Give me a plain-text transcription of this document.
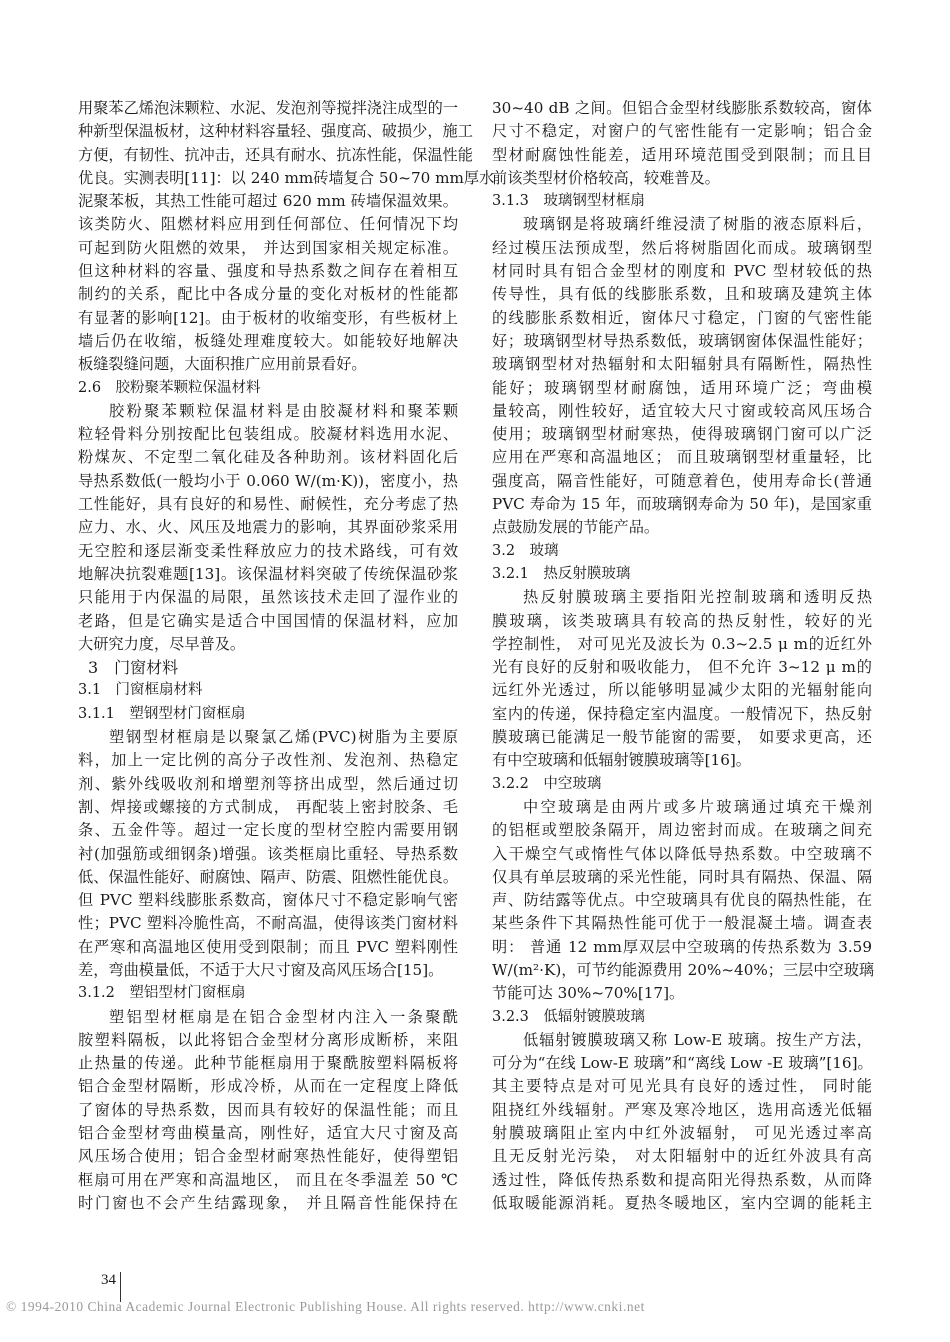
用聚苯乙烯泡沫颗粒、水泥、发泡剂等搅拌浇注成型的一
种新型保温板材，这种材料容量轻、强度高、破损少，施工
方便，有韧性、抗冲击，还具有耐水、抗冻性能，保温性能
优良。实测表明[11]：以 240 mm砖墙复合 50~70 mm厚水
泥聚苯板，其热工性能可超过 620 mm 砖墙保温效果。
该类防火、阻燃材料应用到任何部位、任何情况下均
可起到防火阻燃的效果， 并达到国家相关规定标准。
但这种材料的容量、强度和导热系数之间存在着相互
制约的关系，配比中各成分量的变化对板材的性能都
有显著的影响[12]。由于板材的收缩变形，有些板材上
墙后仍在收缩，板缝处理难度较大。如能较好地解决
板缝裂缝问题，大面积推广应用前景看好。
2.6　胶粉聚苯颗粒保温材料
胶粉聚苯颗粒保温材料是由胶凝材料和聚苯颗
粒轻骨料分别按配比包装组成。胶凝材料选用水泥、
粉煤灰、不定型二氧化硅及各种助剂。该材料固化后
导热系数低(一般均小于 0.060 W/(m·K))，密度小，热
工性能好，具有良好的和易性、耐候性，充分考虑了热
应力、水、火、风压及地震力的影响，其界面砂浆采用
无空腔和逐层渐变柔性释放应力的技术路线，可有效
地解决抗裂难题[13]。该保温材料突破了传统保温砂浆
只能用于内保温的局限，虽然该技术走回了湿作业的
老路，但是它确实是适合中国国情的保温材料，应加
大研究力度，尽早普及。
3　门窗材料
3.1　门窗框扇材料
3.1.1　塑钢型材门窗框扇
塑钢型材框扇是以聚氯乙烯(PVC)树脂为主要原
料，加上一定比例的高分子改性剂、发泡剂、热稳定
剂、紫外线吸收剂和增塑剂等挤出成型，然后通过切
割、焊接或螺接的方式制成， 再配装上密封胶条、毛
条、五金件等。超过一定长度的型材空腔内需要用钢
衬(加强筋或细钢条)增强。该类框扇比重轻、导热系数
低、保温性能好、耐腐蚀、隔声、防震、阻燃性能优良。
但 PVC 塑料线膨胀系数高，窗体尺寸不稳定影响气密
性；PVC 塑料冷脆性高，不耐高温，使得该类门窗材料
在严寒和高温地区使用受到限制；而且 PVC 塑料刚性
差，弯曲模量低，不适于大尺寸窗及高风压场合[15]。
3.1.2　塑铝型材门窗框扇
塑铝型材框扇是在铝合金型材内注入一条聚酰
胺塑料隔板，以此将铝合金型材分离形成断桥，来阻
止热量的传递。此种节能框扇用于聚酰胺塑料隔板将
铝合金型材隔断，形成冷桥，从而在一定程度上降低
了窗体的导热系数，因而具有较好的保温性能；而且
铝合金型材弯曲模量高，刚性好，适宜大尺寸窗及高
风压场合使用；铝合金型材耐寒热性能好，使得塑铝
框扇可用在严寒和高温地区， 而且在冬季温差 50 ℃
时门窗也不会产生结露现象， 并且隔音性能保持在
30~40 dB 之间。但铝合金型材线膨胀系数较高，窗体
尺寸不稳定，对窗户的气密性能有一定影响；铝合金
型材耐腐蚀性能差，适用环境范围受到限制；而且目
前该类型材价格较高，较难普及。
3.1.3　玻璃钢型材框扇
玻璃钢是将玻璃纤维浸渍了树脂的液态原料后，
经过模压法预成型，然后将树脂固化而成。玻璃钢型
材同时具有铝合金型材的刚度和 PVC 型材较低的热
传导性，具有低的线膨胀系数，且和玻璃及建筑主体
的线膨胀系数相近，窗体尺寸稳定，门窗的气密性能
好；玻璃钢型材导热系数低，玻璃钢窗体保温性能好；
玻璃钢型材对热辐射和太阳辐射具有隔断性，隔热性
能好；玻璃钢型材耐腐蚀，适用环境广泛；弯曲模
量较高，刚性较好，适宜较大尺寸窗或较高风压场合
使用；玻璃钢型材耐寒热，使得玻璃钢门窗可以广泛
应用在严寒和高温地区； 而且玻璃钢型材重量轻，比
强度高，隔音性能好，可随意着色，使用寿命长(普通
PVC 寿命为 15 年，而玻璃钢寿命为 50 年)，是国家重
点鼓励发展的节能产品。
3.2　玻璃
3.2.1　热反射膜玻璃
热反射膜玻璃主要指阳光控制玻璃和透明反热
膜玻璃，该类玻璃具有较高的热反射性，较好的光
学控制性， 对可见光及波长为 0.3~2.5 μ m的近红外
光有良好的反射和吸收能力， 但不允许 3~12 μ m的
远红外光透过，所以能够明显减少太阳的光辐射能向
室内的传递，保持稳定室内温度。一般情况下，热反射
膜玻璃已能满足一般节能窗的需要， 如要求更高，还
有中空玻璃和低辐射镀膜玻璃等[16]。
3.2.2　中空玻璃
中空玻璃是由两片或多片玻璃通过填充干燥剂
的铝框或塑胶条隔开，周边密封而成。在玻璃之间充
入干燥空气或惰性气体以降低导热系数。中空玻璃不
仅具有单层玻璃的采光性能，同时具有隔热、保温、隔
声、防结露等优点。中空玻璃具有优良的隔热性能，在
某些条件下其隔热性能可优于一般混凝土墙。调查表
明： 普通 12 mm厚双层中空玻璃的传热系数为 3.59
W/(m²·K)，可节约能源费用 20%~40%；三层中空玻璃
节能可达 30%~70%[17]。
3.2.3　低辐射镀膜玻璃
低辐射镀膜玻璃又称 Low-E 玻璃。按生产方法，
可分为“在线 Low-E 玻璃”和“离线 Low -E 玻璃”[16]。
其主要特点是对可见光具有良好的透过性， 同时能
阻挠红外线辐射。严寒及寒冷地区，选用高透光低辐
射膜玻璃阻止室内中红外波辐射， 可见光透过率高
且无反射光污染， 对太阳辐射中的近红外波具有高
透过性，降低传热系数和提高阳光得热系数，从而降
低取暖能源消耗。夏热冬暖地区，室内空调的能耗主
34
© 1994-2010 China Academic Journal Electronic Publishing House. All rights reserved. http://www.cnki.net
